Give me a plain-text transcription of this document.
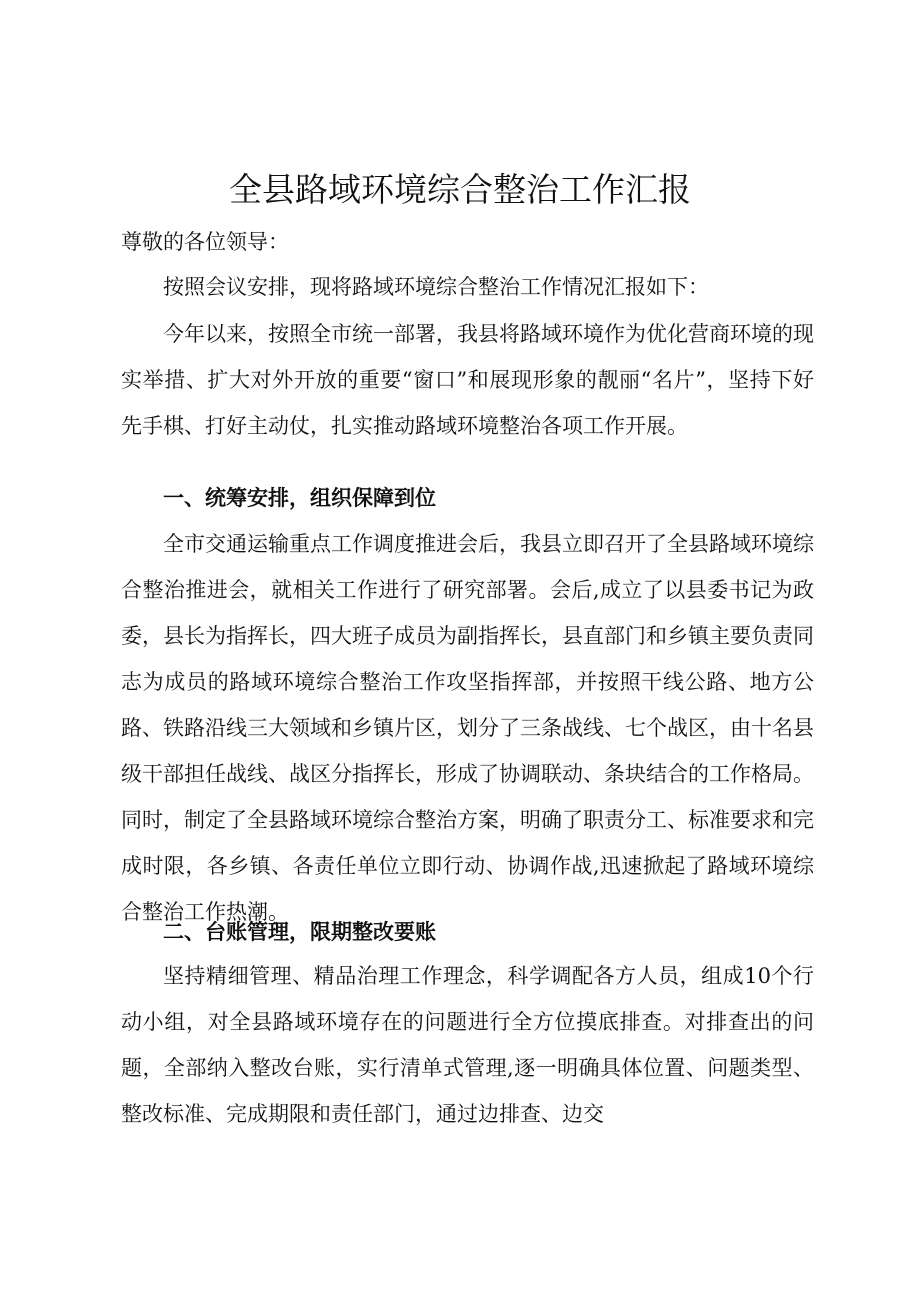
全县路域环境综合整治工作汇报

尊敬的各位领导：

按照会议安排，现将路域环境综合整治工作情况汇报如下：

今年以来，按照全市统一部署，我县将路域环境作为优化营商环境的现实举措、扩大对外开放的重要“窗口”和展现形象的靓丽“名片”，坚持下好先手棋、打好主动仗，扎实推动路域环境整治各项工作开展。

一、统筹安排，组织保障到位

全市交通运输重点工作调度推进会后，我县立即召开了全县路域环境综合整治推进会，就相关工作进行了研究部署。会后,成立了以县委书记为政委，县长为指挥长，四大班子成员为副指挥长，县直部门和乡镇主要负责同志为成员的路域环境综合整治工作攻坚指挥部，并按照干线公路、地方公路、铁路沿线三大领域和乡镇片区，划分了三条战线、七个战区，由十名县级干部担任战线、战区分指挥长，形成了协调联动、条块结合的工作格局。同时，制定了全县路域环境综合整治方案，明确了职责分工、标准要求和完成时限，各乡镇、各责任单位立即行动、协调作战,迅速掀起了路域环境综合整治工作热潮。

二、台账管理，限期整改要账

坚持精细管理、精品治理工作理念，科学调配各方人员，组成10个行动小组，对全县路域环境存在的问题进行全方位摸底排查。对排查出的问题，全部纳入整改台账，实行清单式管理,逐一明确具体位置、问题类型、整改标准、完成期限和责任部门，通过边排查、边交
